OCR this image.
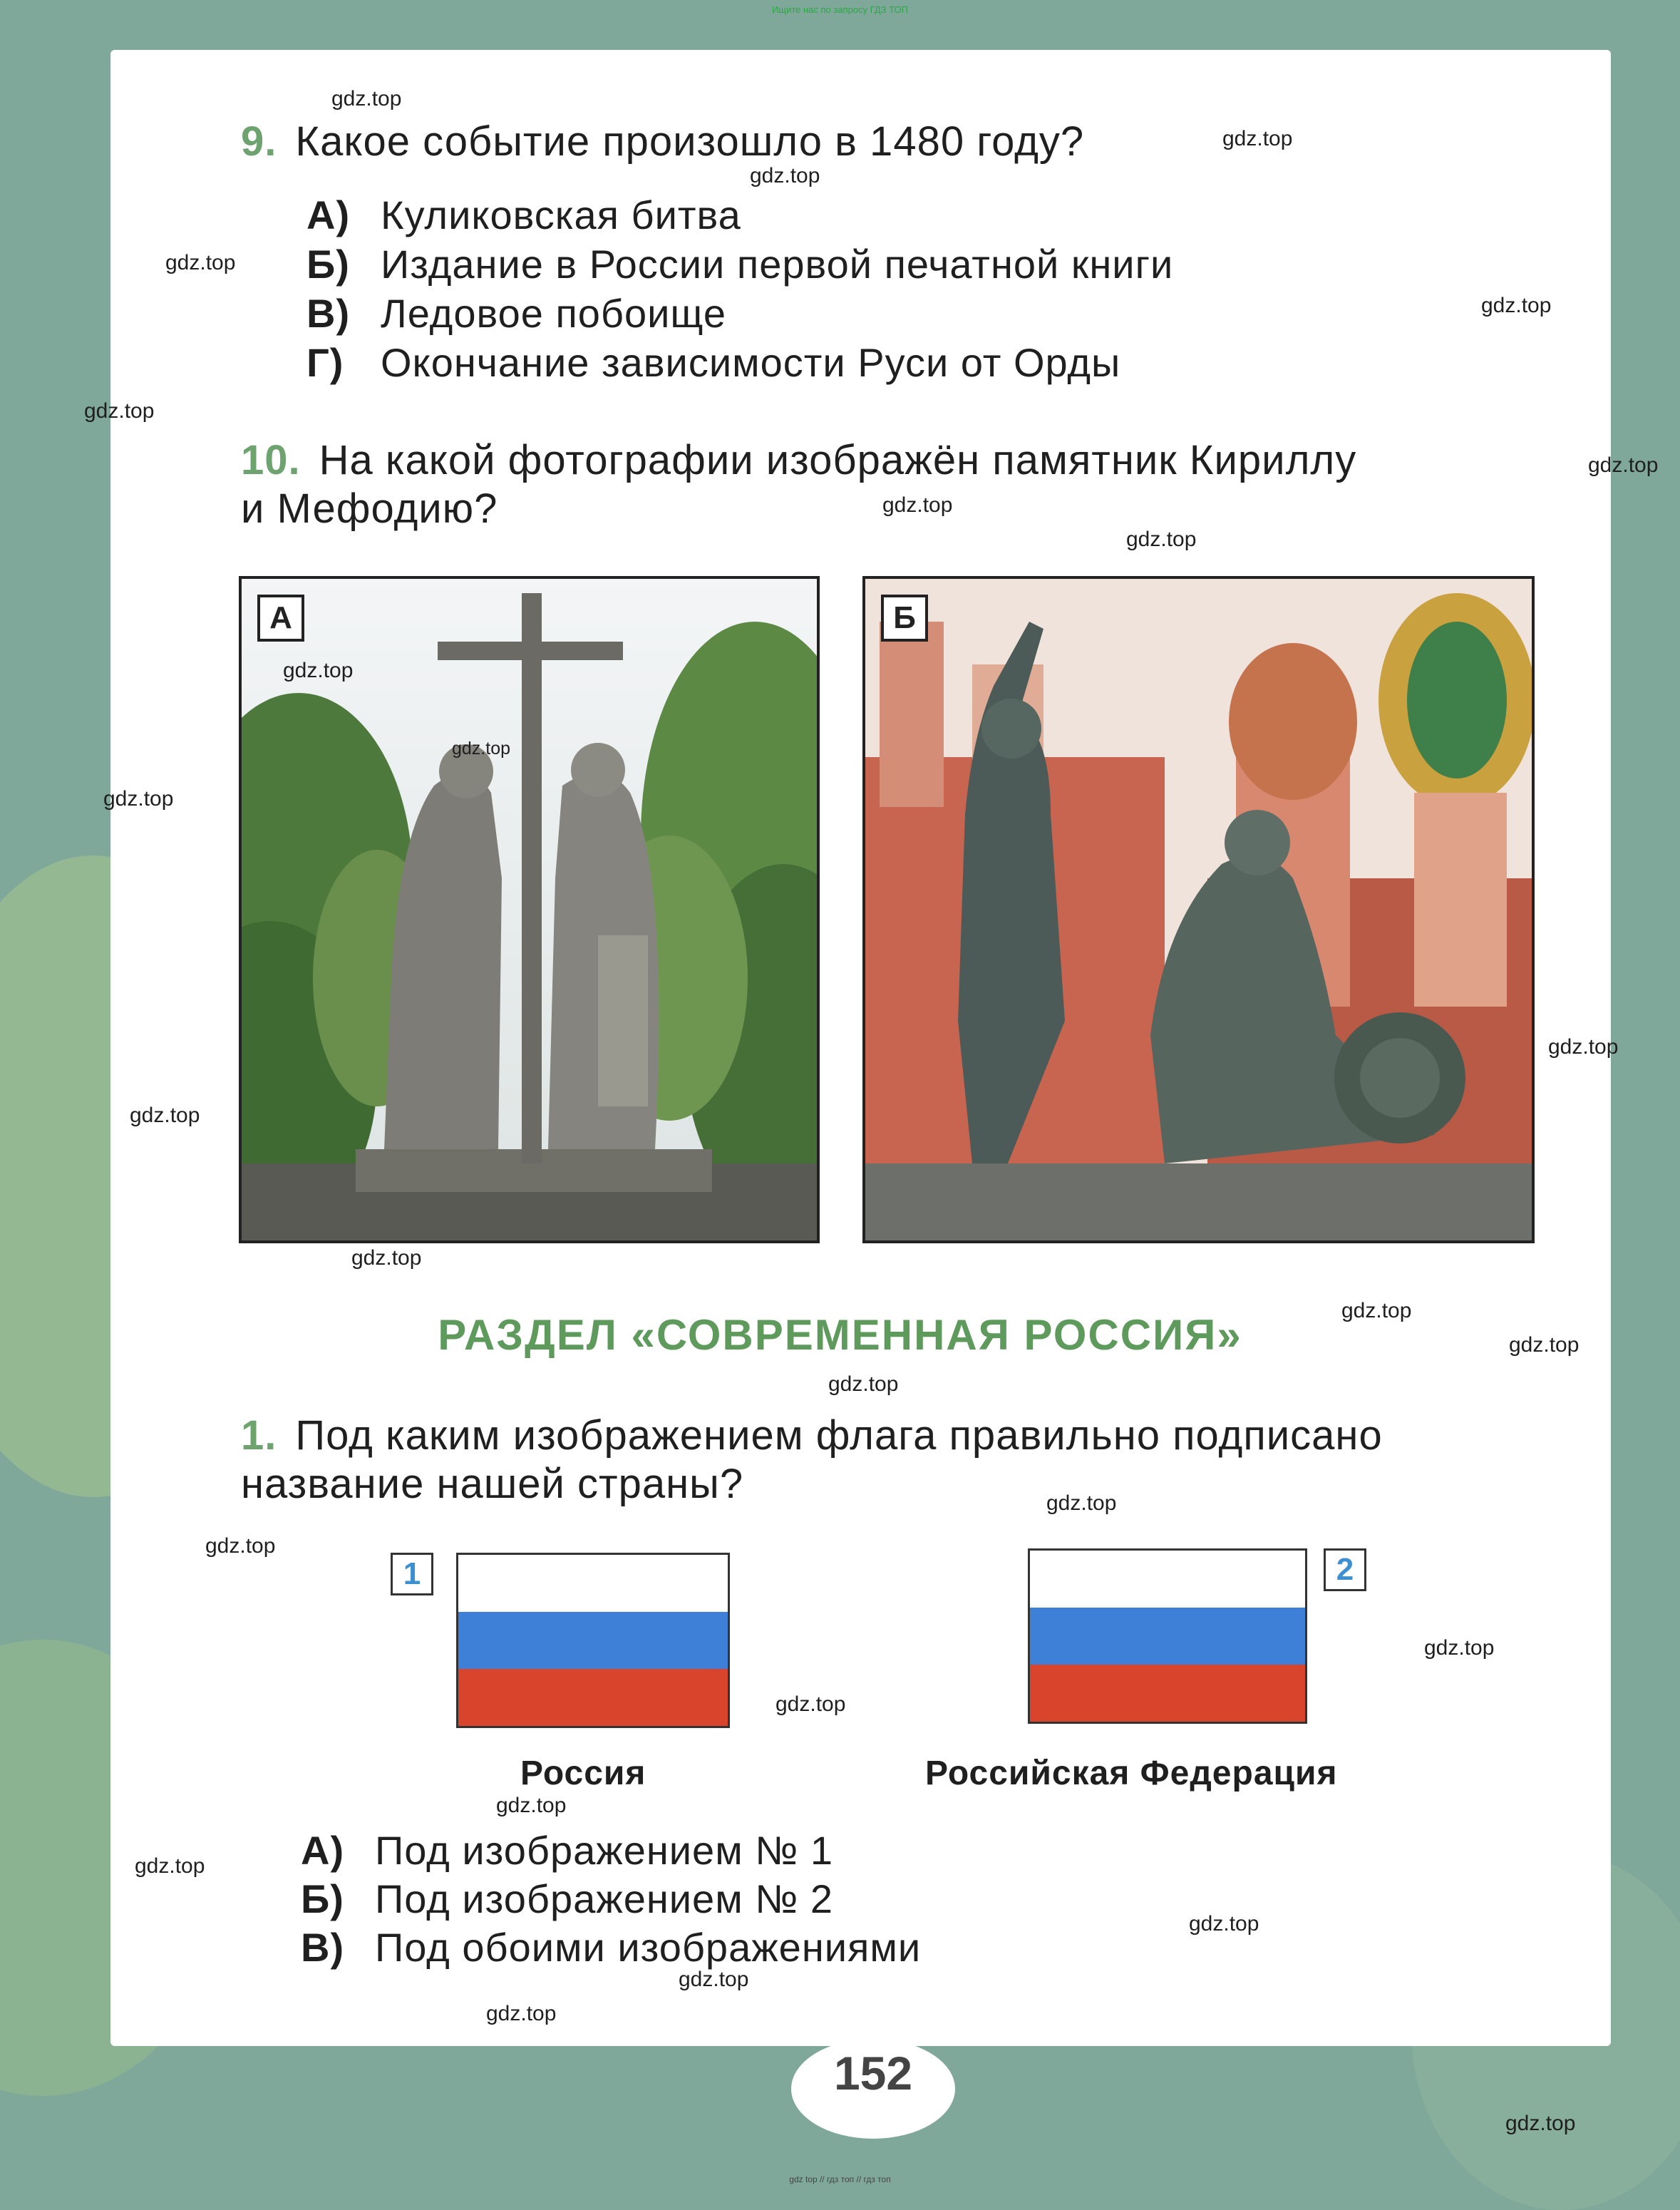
Ищите нас по запросу ГДЗ ТОП
9. Какое событие произошло в 1480 году?
А) Куликовская битва
Б) Издание в России первой печатной книги
В) Ледовое побоище
Г) Окончание зависимости Руси от Орды
10. На какой фотографии изображён памятник Кириллу
и Мефодию?
А	Б
РАЗДЕЛ «СОВРЕМЕННАЯ РОССИЯ»
1. Под каким изображением флага правильно подписано
название нашей страны?
1
Россия
2
Российская Федерация
А) Под изображением № 1
Б) Под изображением № 2
В) Под обоими изображениями
152
gdz.top
gdz.top
gdz.top
gdz.top
gdz.top
gdz.top
gdz.top
gdz.top
gdz.top
gdz.top
gdz.top
gdz.top
gdz.top
gdz.top
gdz.top
gdz.top
gdz.top
gdz.top
gdz.top
gdz.top
gdz.top
gdz.top
gdz.top
gdz.top
gdz.top
gdz.top
gdz.top
gdz.top
gdz top // гдз топ // гдз топ
